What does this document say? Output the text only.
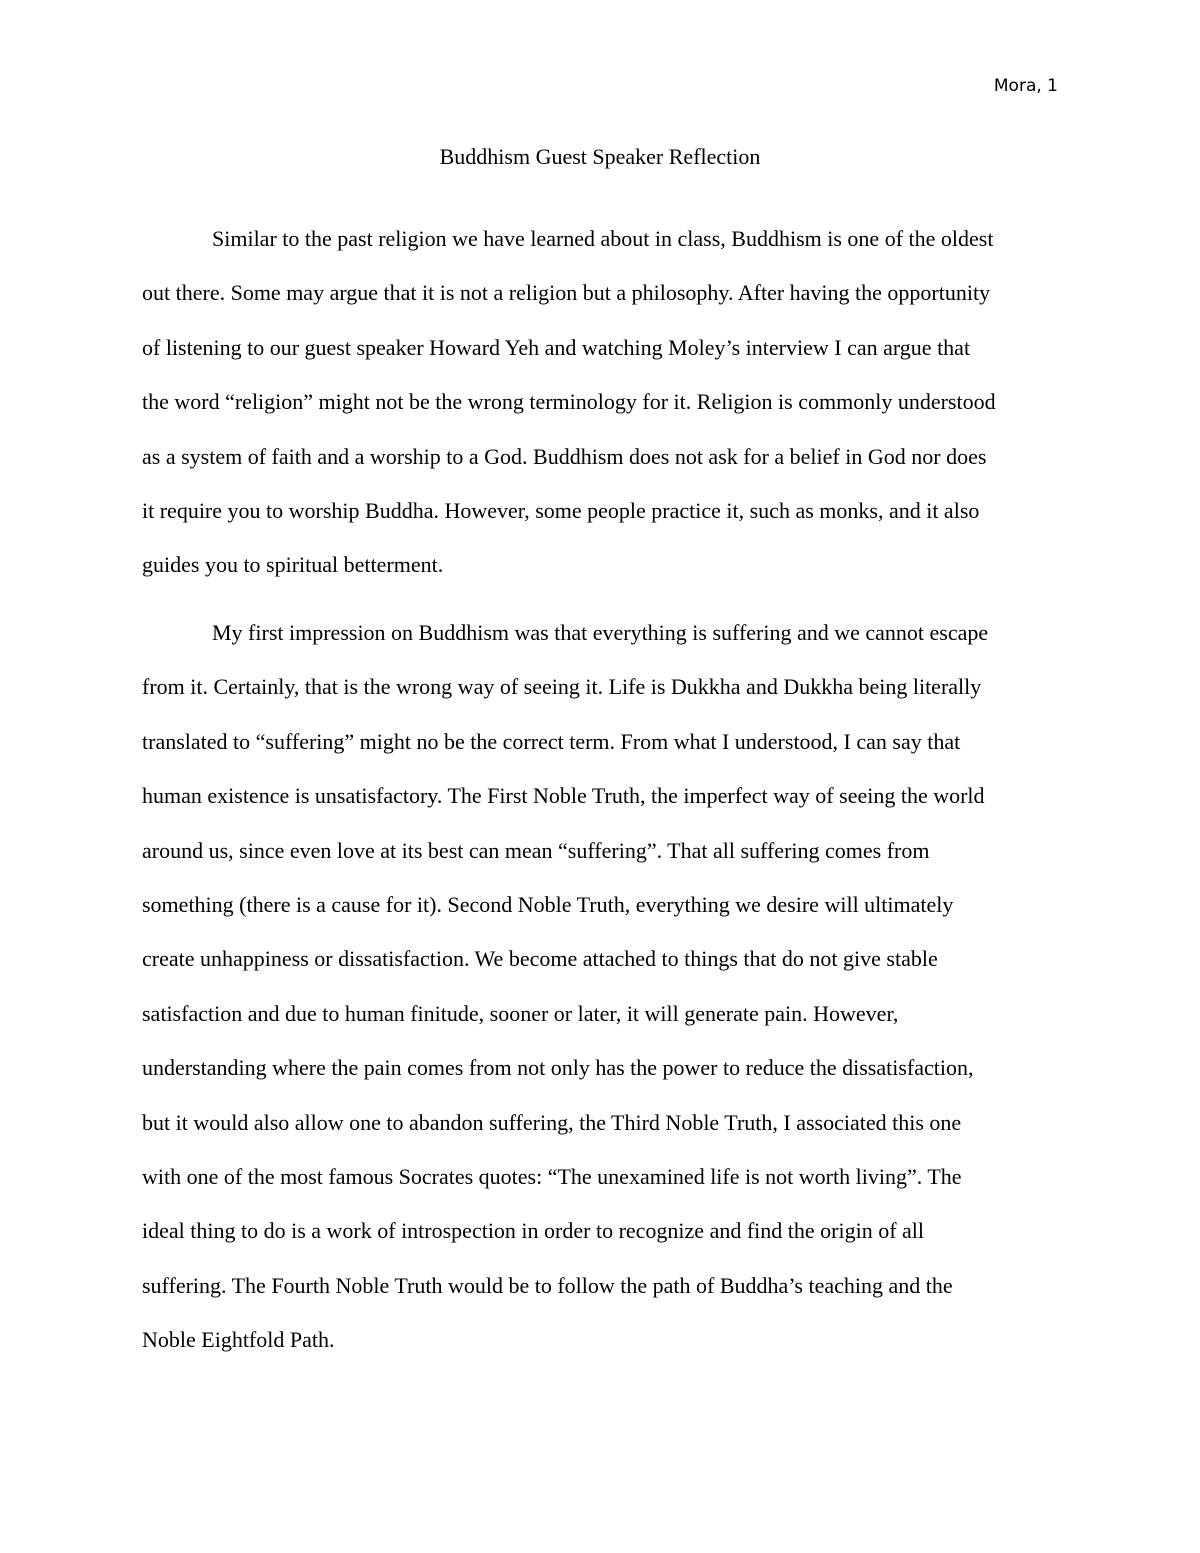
Mora, 1
Buddhism Guest Speaker Reflection
Similar to the past religion we have learned about in class, Buddhism is one of the oldest
out there. Some may argue that it is not a religion but a philosophy. After having the opportunity
of listening to our guest speaker Howard Yeh and watching Moley’s interview I can argue that
the word “religion” might not be the wrong terminology for it. Religion is commonly understood
as a system of faith and a worship to a God. Buddhism does not ask for a belief in God nor does
it require you to worship Buddha. However, some people practice it, such as monks, and it also
guides you to spiritual betterment.
My first impression on Buddhism was that everything is suffering and we cannot escape
from it. Certainly, that is the wrong way of seeing it. Life is Dukkha and Dukkha being literally
translated to “suffering” might no be the correct term. From what I understood, I can say that
human existence is unsatisfactory. The First Noble Truth, the imperfect way of seeing the world
around us, since even love at its best can mean “suffering”. That all suffering comes from
something (there is a cause for it). Second Noble Truth, everything we desire will ultimately
create unhappiness or dissatisfaction. We become attached to things that do not give stable
satisfaction and due to human finitude, sooner or later, it will generate pain. However,
understanding where the pain comes from not only has the power to reduce the dissatisfaction,
but it would also allow one to abandon suffering, the Third Noble Truth, I associated this one
with one of the most famous Socrates quotes: “The unexamined life is not worth living”. The
ideal thing to do is a work of introspection in order to recognize and find the origin of all
suffering. The Fourth Noble Truth would be to follow the path of Buddha’s teaching and the
Noble Eightfold Path.
